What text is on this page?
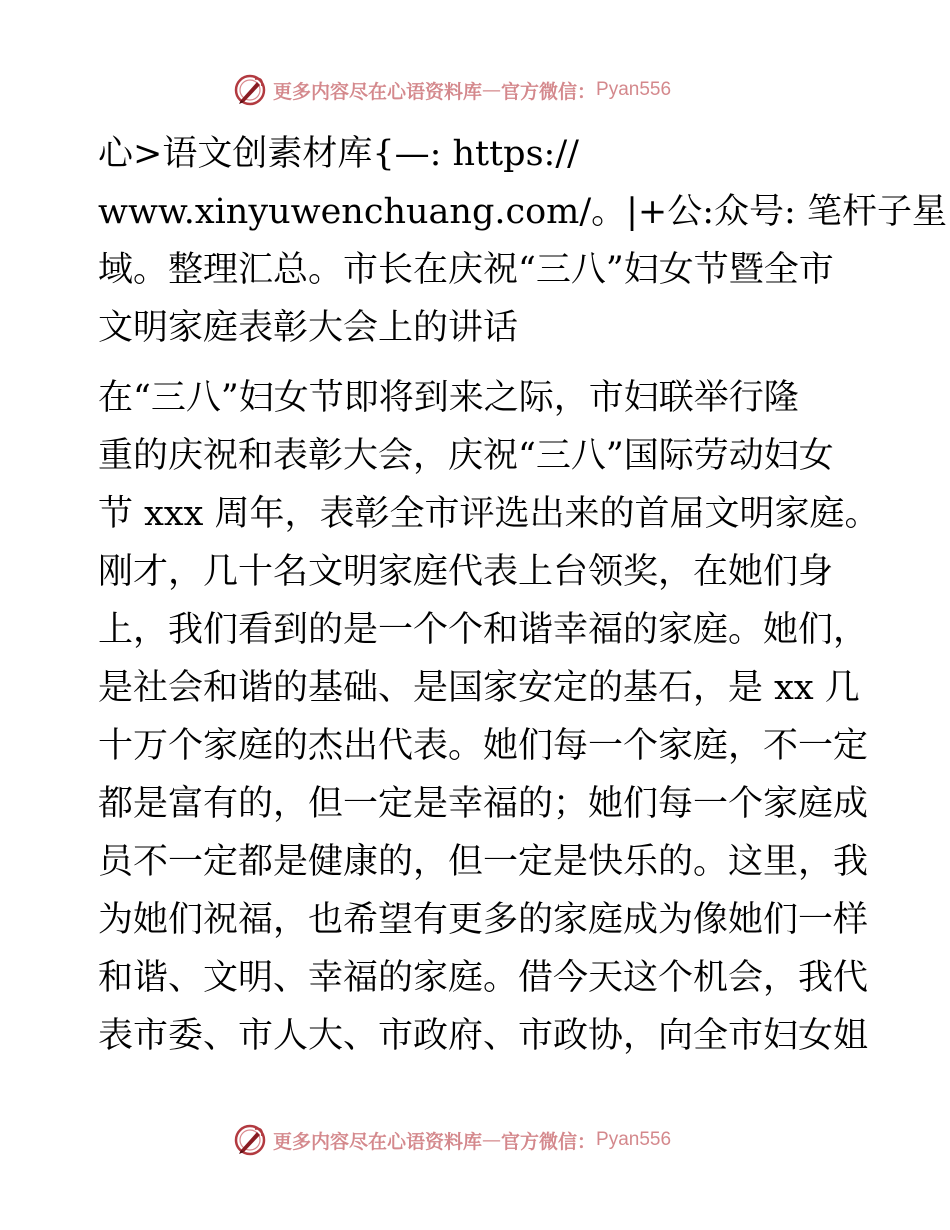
更多内容尽在心语资料库 — 官方微信： Pyan556
心>语文创素材库{—: https://
www.xinyuwenchuang.com/。|+公:众号: 笔杆子星
域。整理汇总。市长在庆祝“三八”妇女节暨全市
文明家庭表彰大会上的讲话
在“三八”妇女节即将到来之际，市妇联举行隆
重的庆祝和表彰大会，庆祝“三八”国际劳动妇女
节 xxx 周年，表彰全市评选出来的首届文明家庭。
刚才，几十名文明家庭代表上台领奖，在她们身
上，我们看到的是一个个和谐幸福的家庭。她们，
是社会和谐的基础、是国家安定的基石，是 xx 几
十万个家庭的杰出代表。她们每一个家庭，不一定
都是富有的，但一定是幸福的；她们每一个家庭成
员不一定都是健康的，但一定是快乐的。这里，我
为她们祝福，也希望有更多的家庭成为像她们一样
和谐、文明、幸福的家庭。借今天这个机会，我代
表市委、市人大、市政府、市政协，向全市妇女姐
更多内容尽在心语资料库 — 官方微信： Pyan556
